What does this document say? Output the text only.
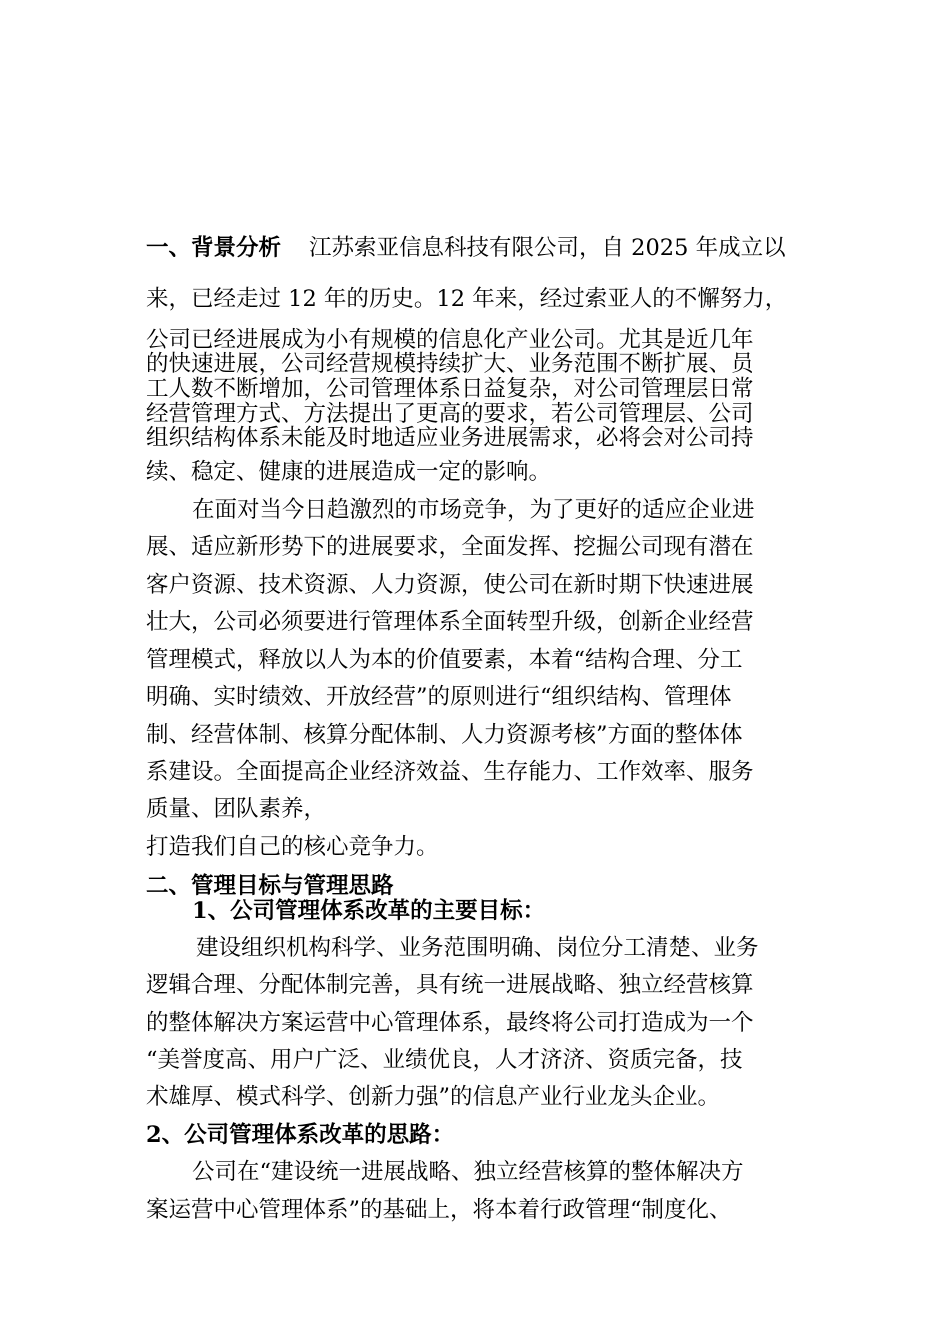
一、背景分析 江苏索亚信息科技有限公司，自 2025 年成立以
来，已经走过 12 年的历史。12 年来，经过索亚人的不懈努力，
公司已经进展成为小有规模的信息化产业公司。尤其是近几年
的快速进展，公司经营规模持续扩大、业务范围不断扩展、员
工人数不断增加，公司管理体系日益复杂，对公司管理层日常
经营管理方式、方法提出了更高的要求，若公司管理层、公司
组织结构体系未能及时地适应业务进展需求，必将会对公司持
续、稳定、健康的进展造成一定的影响。
在面对当今日趋激烈的市场竞争，为了更好的适应企业进
展、适应新形势下的进展要求，全面发挥、挖掘公司现有潜在
客户资源、技术资源、人力资源，使公司在新时期下快速进展
壮大，公司必须要进行管理体系全面转型升级，创新企业经营
管理模式，释放以人为本的价值要素，本着“结构合理、分工
明确、实时绩效、开放经营”的原则进行“组织结构、管理体
制、经营体制、核算分配体制、人力资源考核”方面的整体体
系建设。全面提高企业经济效益、生存能力、工作效率、服务
质量、团队素养，
打造我们自己的核心竞争力。
二、管理目标与管理思路
1、公司管理体系改革的主要目标：
建设组织机构科学、业务范围明确、岗位分工清楚、业务
逻辑合理、分配体制完善，具有统一进展战略、独立经营核算
的整体解决方案运营中心管理体系，最终将公司打造成为一个
“美誉度高、用户广泛、业绩优良，人才济济、资质完备，技
术雄厚、模式科学、创新力强”的信息产业行业龙头企业。
2、公司管理体系改革的思路：
公司在“建设统一进展战略、独立经营核算的整体解决方
案运营中心管理体系”的基础上，将本着行政管理“制度化、
